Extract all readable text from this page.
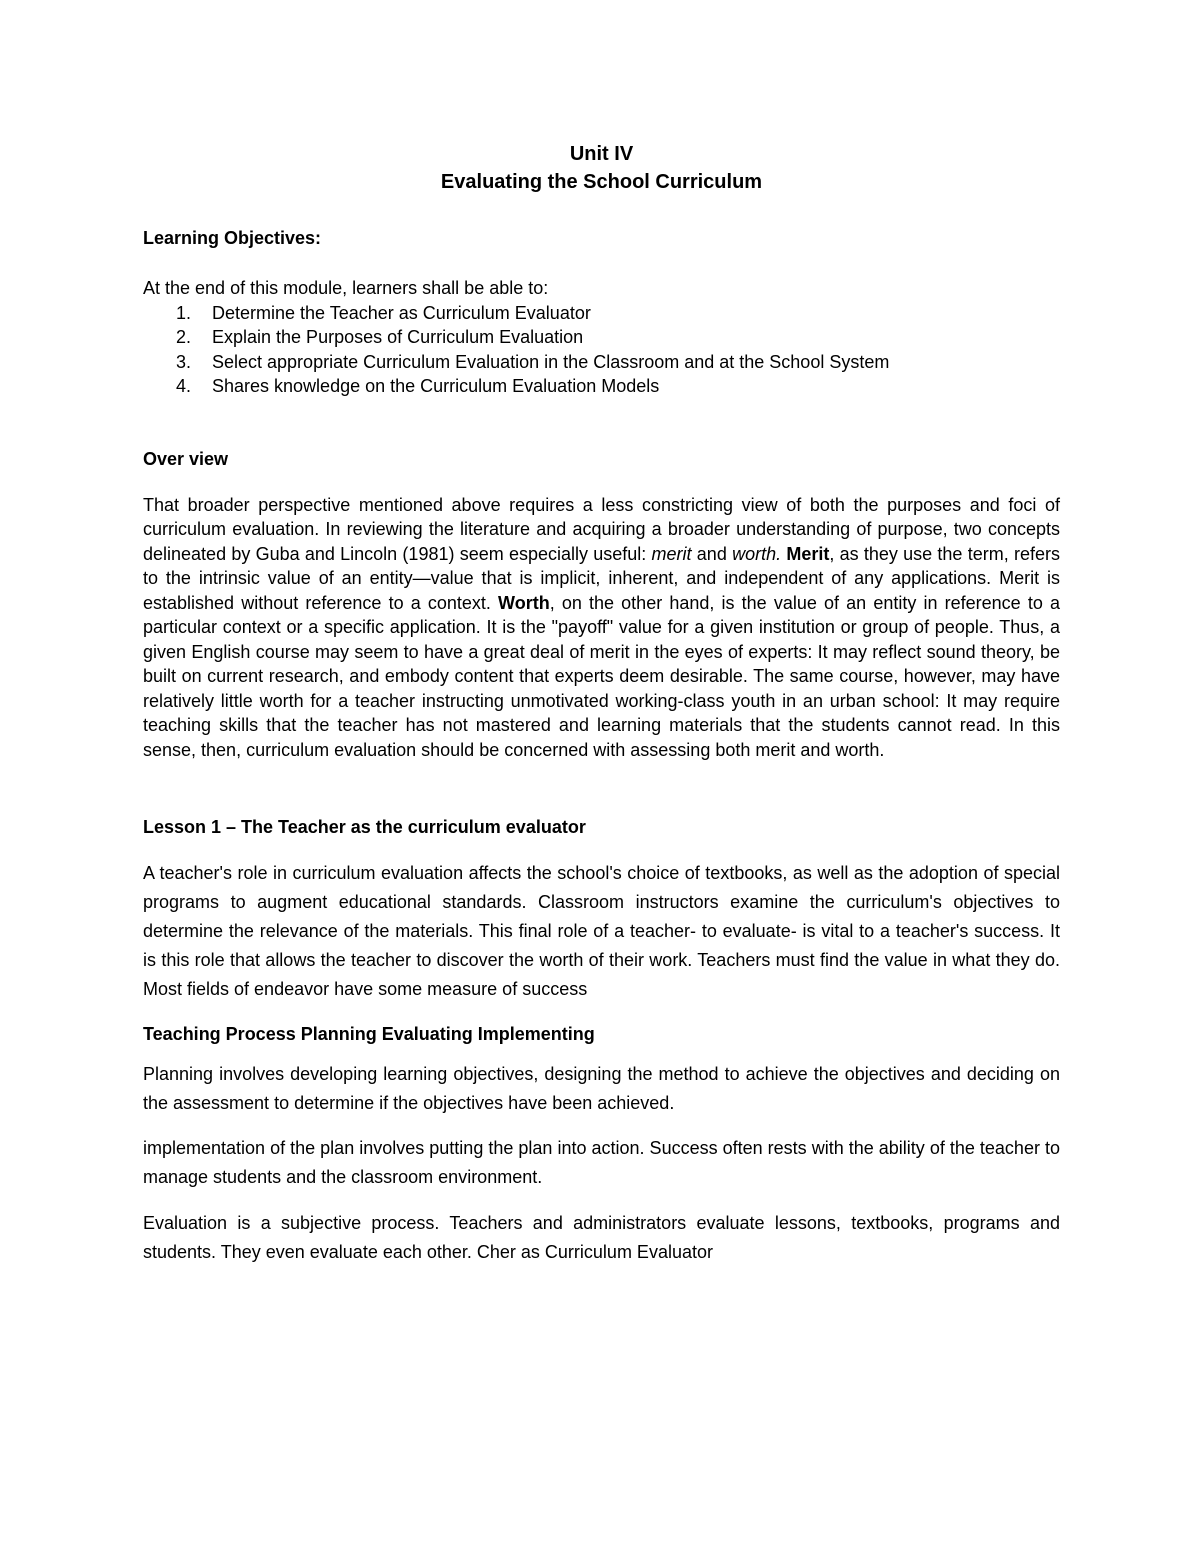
Unit IV
Evaluating the School Curriculum
Learning Objectives:

At the end of this module, learners shall be able to:

1. Determine the Teacher as Curriculum Evaluator
2. Explain the Purposes of Curriculum Evaluation
3. Select appropriate Curriculum Evaluation in the Classroom and at the School System
4. Shares knowledge on the Curriculum Evaluation Models
Over view

That broader perspective mentioned above requires a less constricting view of both the purposes and foci of curriculum evaluation. In reviewing the literature and acquiring a broader understanding of purpose, two concepts delineated by Guba and Lincoln (1981) seem especially useful: merit and worth. Merit, as they use the term, refers to the intrinsic value of an entity—value that is implicit, inherent, and independent of any applications. Merit is established without reference to a context. Worth, on the other hand, is the value of an entity in reference to a particular context or a specific application. It is the "payoff" value for a given institution or group of people. Thus, a given English course may seem to have a great deal of merit in the eyes of experts: It may reflect sound theory, be built on current research, and embody content that experts deem desirable. The same course, however, may have relatively little worth for a teacher instructing unmotivated working-class youth in an urban school: It may require teaching skills that the teacher has not mastered and learning materials that the students cannot read. In this sense, then, curriculum evaluation should be concerned with assessing both merit and worth.

Lesson 1 – The Teacher as the curriculum evaluator

A teacher's role in curriculum evaluation affects the school's choice of textbooks, as well as the adoption of special programs to augment educational standards. Classroom instructors examine the curriculum's objectives to determine the relevance of the materials. This final role of a teacher- to evaluate- is vital to a teacher's success. It is this role that allows the teacher to discover the worth of their work. Teachers must find the value in what they do. Most fields of endeavor have some measure of success

Teaching Process Planning Evaluating Implementing

Planning involves developing learning objectives, designing the method to achieve the objectives and deciding on the assessment to determine if the objectives have been achieved.

implementation of the plan involves putting the plan into action. Success often rests with the ability of the teacher to manage students and the classroom environment.

Evaluation is a subjective process. Teachers and administrators evaluate lessons, textbooks, programs and students. They even evaluate each other. Cher as Curriculum Evaluator
